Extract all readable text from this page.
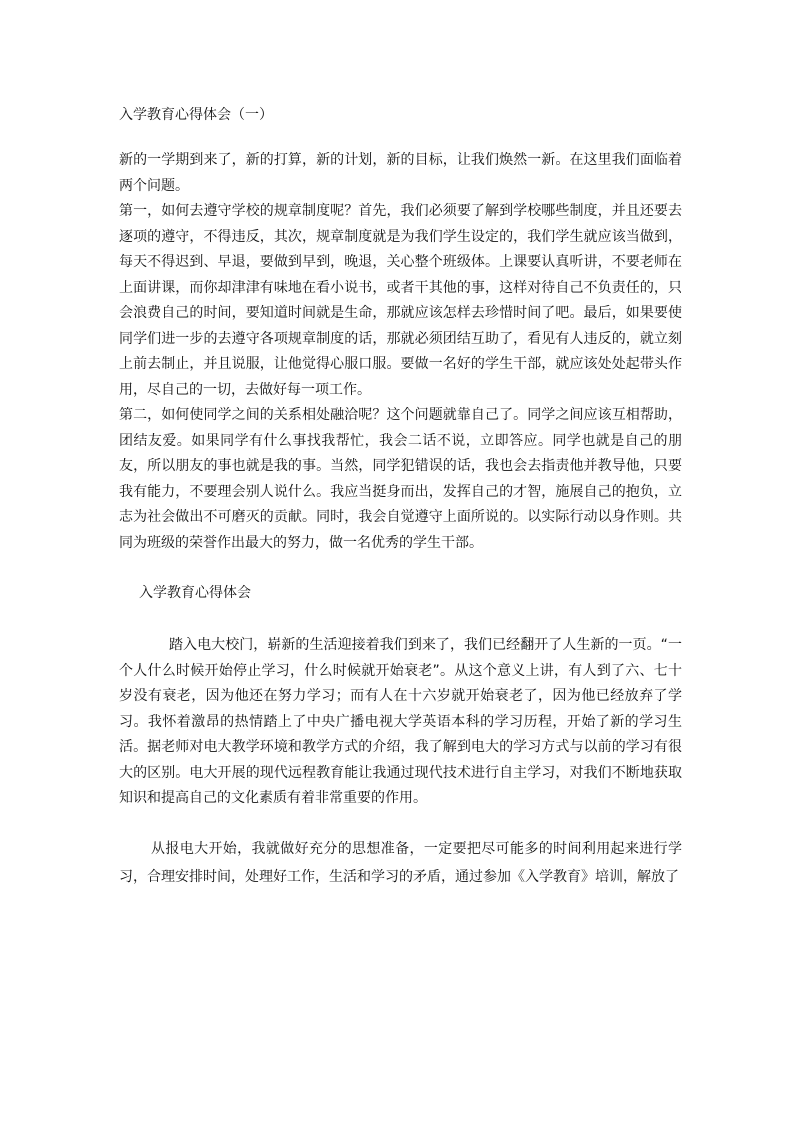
入学教育心得体会（一）

新的一学期到来了，新的打算，新的计划，新的目标，让我们焕然一新。在这里我们面临着两个问题。

第一，如何去遵守学校的规章制度呢？首先，我们必须要了解到学校哪些制度，并且还要去逐项的遵守，不得违反，其次，规章制度就是为我们学生设定的，我们学生就应该当做到，每天不得迟到、早退，要做到早到，晚退，关心整个班级体。上课要认真听讲，不要老师在上面讲课，而你却津津有味地在看小说书，或者干其他的事，这样对待自己不负责任的，只会浪费自己的时间，要知道时间就是生命，那就应该怎样去珍惜时间了吧。最后，如果要使同学们进一步的去遵守各项规章制度的话，那就必须团结互助了，看见有人违反的，就立刻上前去制止，并且说服，让他觉得心服口服。要做一名好的学生干部，就应该处处起带头作用，尽自己的一切，去做好每一项工作。

第二，如何使同学之间的关系相处融洽呢？这个问题就靠自己了。同学之间应该互相帮助，团结友爱。如果同学有什么事找我帮忙，我会二话不说，立即答应。同学也就是自己的朋友，所以朋友的事也就是我的事。当然，同学犯错误的话，我也会去指责他并教导他，只要我有能力，不要理会别人说什么。我应当挺身而出，发挥自己的才智，施展自己的抱负，立志为社会做出不可磨灭的贡献。同时，我会自觉遵守上面所说的。以实际行动以身作则。共同为班级的荣誉作出最大的努力，做一名优秀的学生干部。

入学教育心得体会

踏入电大校门，崭新的生活迎接着我们到来了，我们已经翻开了人生新的一页。“一个人什么时候开始停止学习，什么时候就开始衰老”。从这个意义上讲，有人到了六、七十岁没有衰老，因为他还在努力学习；而有人在十六岁就开始衰老了，因为他已经放弃了学习。我怀着激昂的热情踏上了中央广播电视大学英语本科的学习历程，开始了新的学习生活。据老师对电大教学环境和教学方式的介绍，我了解到电大的学习方式与以前的学习有很大的区别。电大开展的现代远程教育能让我通过现代技术进行自主学习，对我们不断地获取知识和提高自己的文化素质有着非常重要的作用。

从报电大开始，我就做好充分的思想准备，一定要把尽可能多的时间利用起来进行学习，合理安排时间，处理好工作，生活和学习的矛盾，通过参加《入学教育》培训，解放了
